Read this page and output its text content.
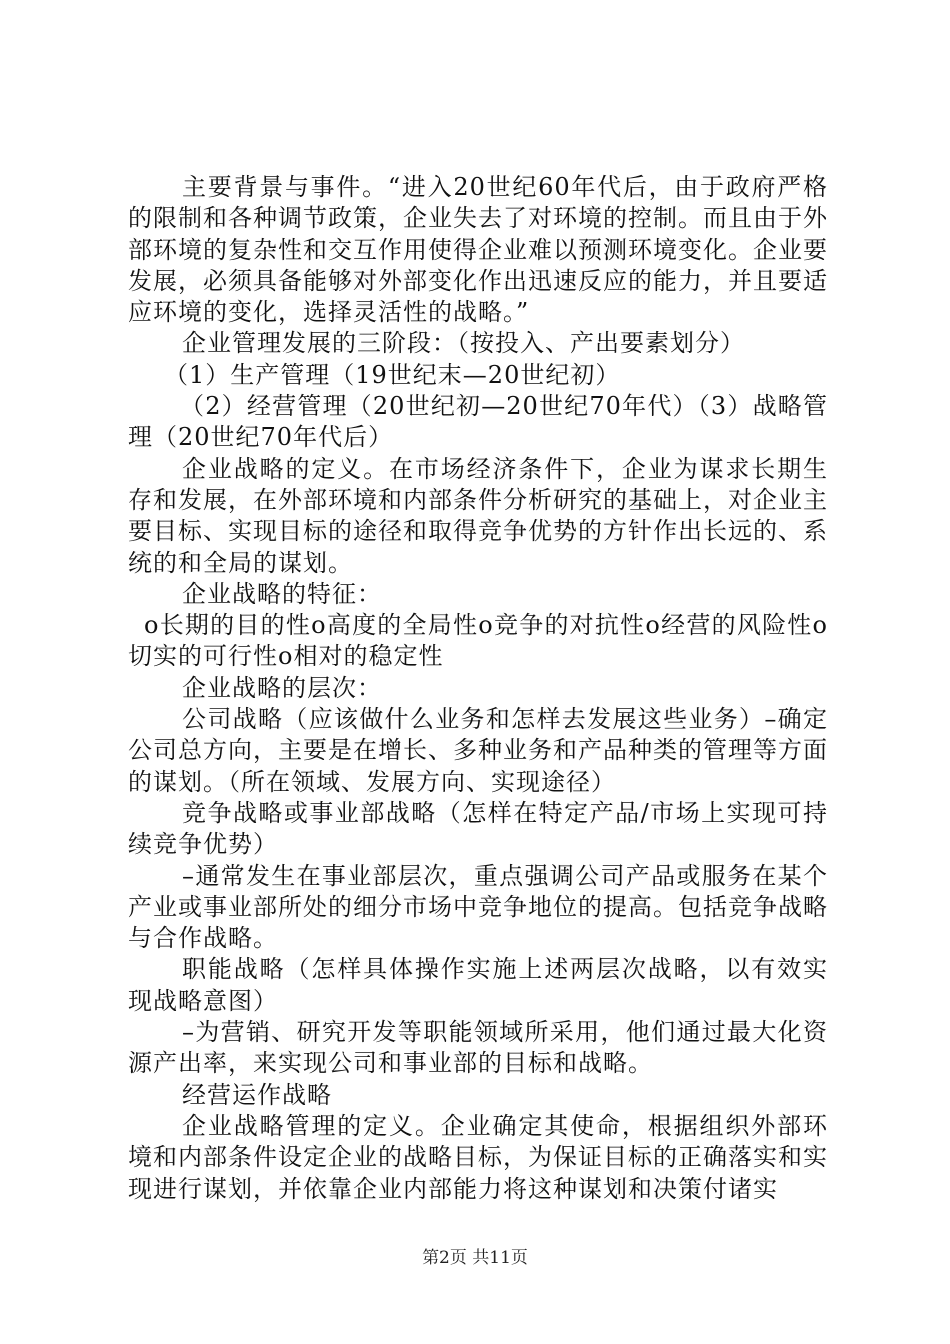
主要背景与事件。“进入20世纪60年代后，由于政府严格的限制和各种调节政策，企业失去了对环境的控制。而且由于外部环境的复杂性和交互作用使得企业难以预测环境变化。企业要发展，必须具备能够对外部变化作出迅速反应的能力，并且要适应环境的变化，选择灵活性的战略。”

企业管理发展的三阶段：（按投入、产出要素划分）

（1）生产管理（19世纪末—20世纪初）

（2）经营管理（20世纪初—20世纪70年代）（3）战略管理（20世纪70年代后）

企业战略的定义。在市场经济条件下，企业为谋求长期生存和发展，在外部环境和内部条件分析研究的基础上，对企业主要目标、实现目标的途径和取得竞争优势的方针作出长远的、系统的和全局的谋划。

企业战略的特征：

o长期的目的性o高度的全局性o竞争的对抗性o经营的风险性o切实的可行性o相对的稳定性

企业战略的层次：

公司战略（应该做什么业务和怎样去发展这些业务）–确定公司总方向，主要是在增长、多种业务和产品种类的管理等方面的谋划。（所在领域、发展方向、实现途径）

竞争战略或事业部战略（怎样在特定产品/市场上实现可持续竞争优势）

–通常发生在事业部层次，重点强调公司产品或服务在某个产业或事业部所处的细分市场中竞争地位的提高。包括竞争战略与合作战略。

职能战略（怎样具体操作实施上述两层次战略，以有效实现战略意图）

–为营销、研究开发等职能领域所采用，他们通过最大化资源产出率，来实现公司和事业部的目标和战略。

经营运作战略

企业战略管理的定义。企业确定其使命，根据组织外部环境和内部条件设定企业的战略目标，为保证目标的正确落实和实现进行谋划，并依靠企业内部能力将这种谋划和决策付诸实

第2页 共11页
